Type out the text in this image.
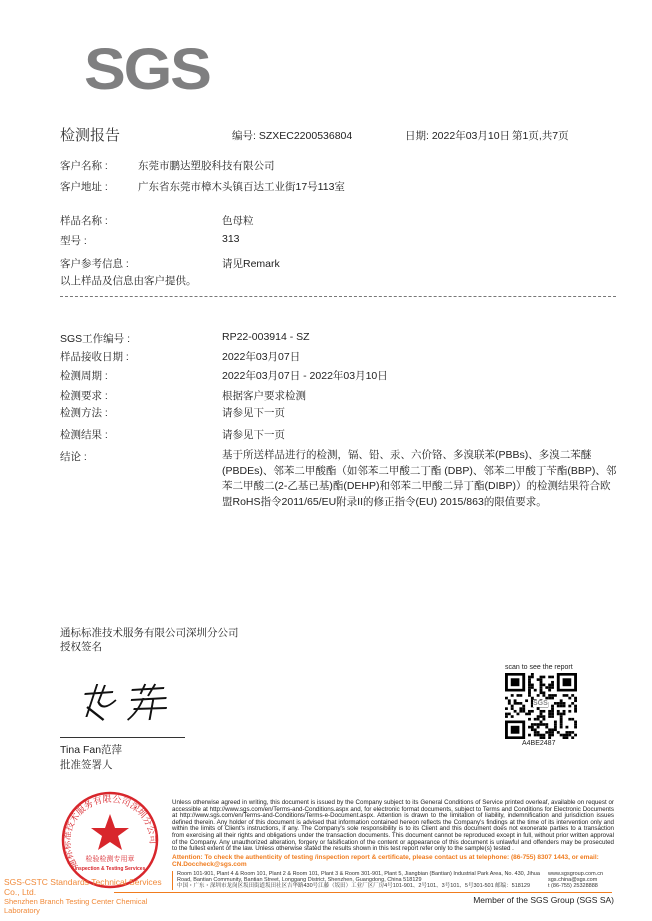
SGS
检测报告	编号: SZXEC2200536804	日期: 2022年03月10日 第1页,共7页
客户名称 :	东莞市鹏达塑胶科技有限公司
客户地址 :	广东省东莞市樟木头镇百达工业街17号113室
样品名称 :	色母粒
型号 :	313
客户参考信息 :	请见Remark
以上样品及信息由客户提供。
SGS工作编号 :	RP22-003914 - SZ
样品接收日期 :	2022年03月07日
检测周期 :	2022年03月07日 - 2022年03月10日
检测要求 :	根据客户要求检测
检测方法 :	请参见下一页
检测结果 :	请参见下一页
结论 :	基于所送样品进行的检测，镉、铅、汞、六价铬、多溴联苯(PBBs)、多溴二苯醚(PBDEs)、邻苯二甲酸酯（如邻苯二甲酸二丁酯 (DBP)、邻苯二甲酸丁苄酯(BBP)、邻苯二甲酸二(2-乙基已基)酯(DEHP)和邻苯二甲酸二异丁酯(DIBP)）的检测结果符合欧盟RoHS指令2011/65/EU附录II的修正指令(EU) 2015/863的限值要求。
通标标准技术服务有限公司深圳分公司
授权签名
Tina Fan范萍
批准签署人
scan to see the report
SGS
A4BE2487
通标标准技术服务有限公司深圳分公司
检验检测专用章
Inspection & Testing Services
SGS-CSTC Standards Technical Services Co., Ltd.
Shenzhen Branch Testing Center Chemical Laboratory
Unless otherwise agreed in writing, this document is issued by the Company subject to its General Conditions of Service printed overleaf, available on request or accessible at http://www.sgs.com/en/Terms-and-Conditions.aspx and, for electronic format documents, subject to Terms and Conditions for Electronic Documents at http://www.sgs.com/en/Terms-and-Conditions/Terms-e-Document.aspx. Attention is drawn to the limitation of liability, indemnification and jurisdiction issues defined therein. Any holder of this document is advised that information contained hereon reflects the Company's findings at the time of its intervention only and within the limits of Client's instructions, if any. The Company's sole responsibility is to its Client and this document does not exonerate parties to a transaction from exercising all their rights and obligations under the transaction documents. This document cannot be reproduced except in full, without prior written approval of the Company. Any unauthorized alteration, forgery or falsification of the content or appearance of this document is unlawful and offenders may be prosecuted to the fullest extent of the law. Unless otherwise stated the results shown in this test report refer only to the sample(s) tested .
Attention: To check the authenticity of testing /inspection report & certificate, please contact us at telephone: (86-755) 8307 1443, or email: CN.Doccheck@sgs.com
Room 101-901, Plant 4 & Room 101, Plant 2 & Room 101, Plant 3 & Room 301-901, Plant 5, Jiangbian (Bantian) Industrial Park Area, No. 430, Jihua Road, Bantian Community, Bantian Street, Longgang District, Shenzhen, Guangdong, China 518129
中国・广东・深圳市龙岗区坂田街道坂田社区吉华路430号江藤（坂田）工业厂区厂房4号101-901、2号101、3号101、5号301-501 邮编：518129
www.sgsgroup.com.cn
sgs.china@sgs.com
t (86-755) 25328888
Member of the SGS Group (SGS SA)
